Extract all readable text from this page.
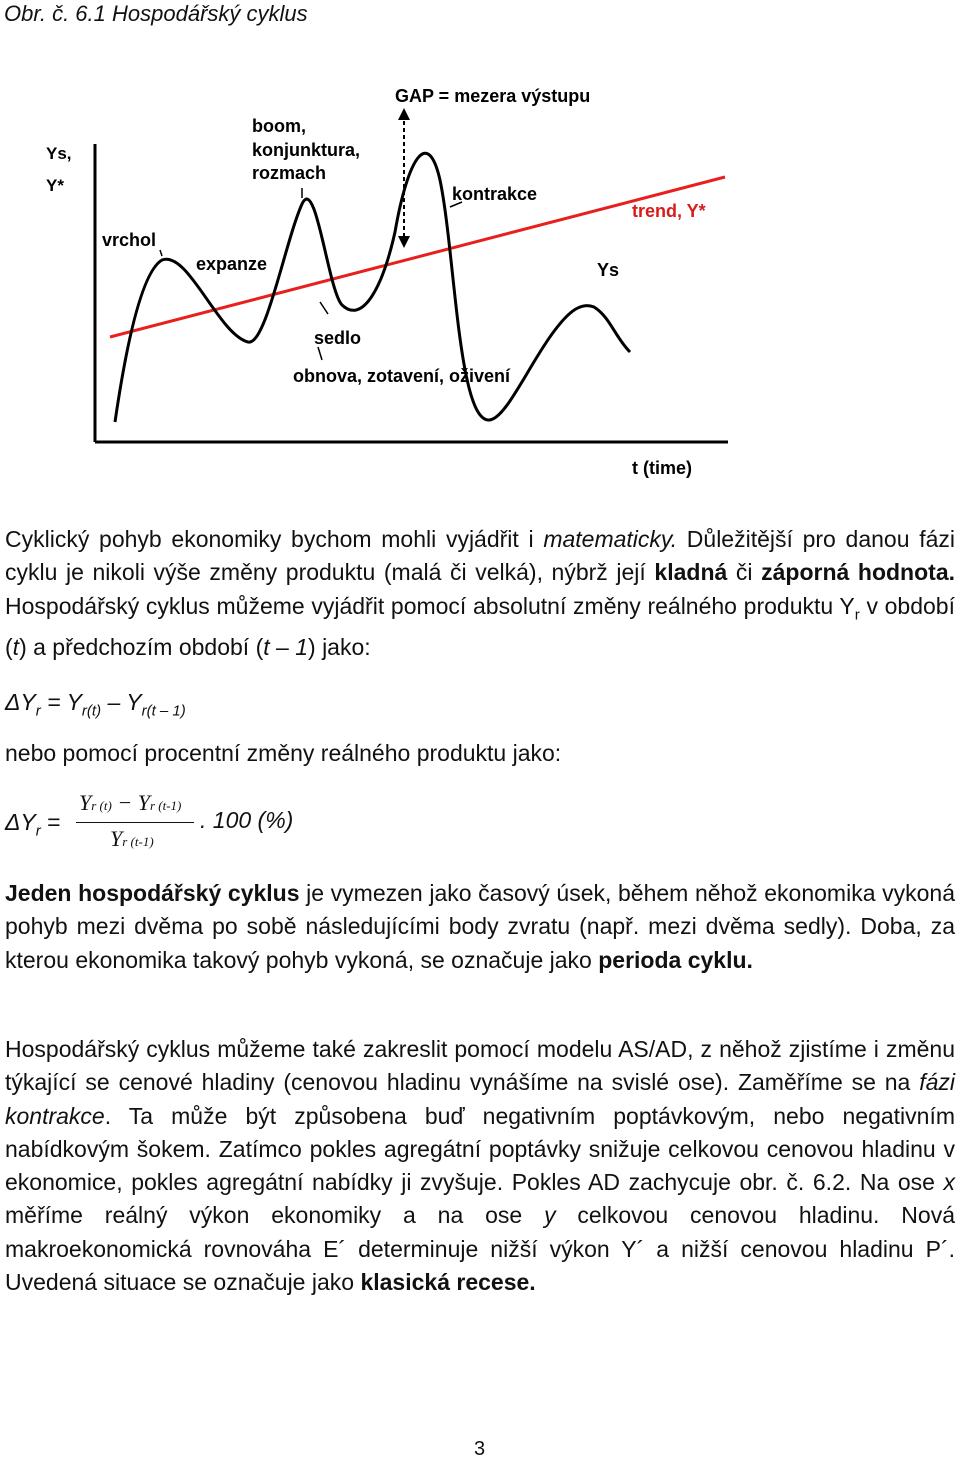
Obr. č. 6.1 Hospodářský cyklus
Ys,
Y*
GAP = mezera výstupu
boom,
konjunktura,
rozmach
kontrakce
trend, Y*
vrchol
expanze	Ys
sedlo
obnova, zotavení, oživení
t (time)

Cyklický pohyb ekonomiky bychom mohli vyjádřit i matematicky. Důležitější pro danou fázi cyklu je nikoli výše změny produktu (malá či velká), nýbrž její kladná či záporná hodnota. Hospodářský cyklus můžeme vyjádřit pomocí absolutní změny reálného produktu $Y_r$ v období (t) a předchozím období (t – 1) jako:

$\Delta Y_r = Y_{r(t)} - Y_{r(t - 1)}$
nebo pomocí procentní změny reálného produktu jako:
$\Delta Y_r$ =
Yr (t) − Yr (t-1)
Yr (t-1)
. 100 (%)

Jeden hospodářský cyklus je vymezen jako časový úsek, během něhož ekonomika vykoná pohyb mezi dvěma po sobě následujícími body zvratu (např. mezi dvěma sedly). Doba, za kterou ekonomika takový pohyb vykoná, se označuje jako perioda cyklu.

Hospodářský cyklus můžeme také zakreslit pomocí modelu AS/AD, z něhož zjistíme i změnu týkající se cenové hladiny (cenovou hladinu vynášíme na svislé ose). Zaměříme se na fázi kontrakce. Ta může být způsobena buď negativním poptávkovým, nebo negativním nabídkovým šokem. Zatímco pokles agregátní poptávky snižuje celkovou cenovou hladinu v ekonomice, pokles agregátní nabídky ji zvyšuje. Pokles AD zachycuje obr. č. 6.2. Na ose x měříme reálný výkon ekonomiky a na ose y celkovou cenovou hladinu. Nová makroekonomická rovnováha E´ determinuje nižší výkon Y´ a nižší cenovou hladinu P´. Uvedená situace se označuje jako klasická recese.

3
